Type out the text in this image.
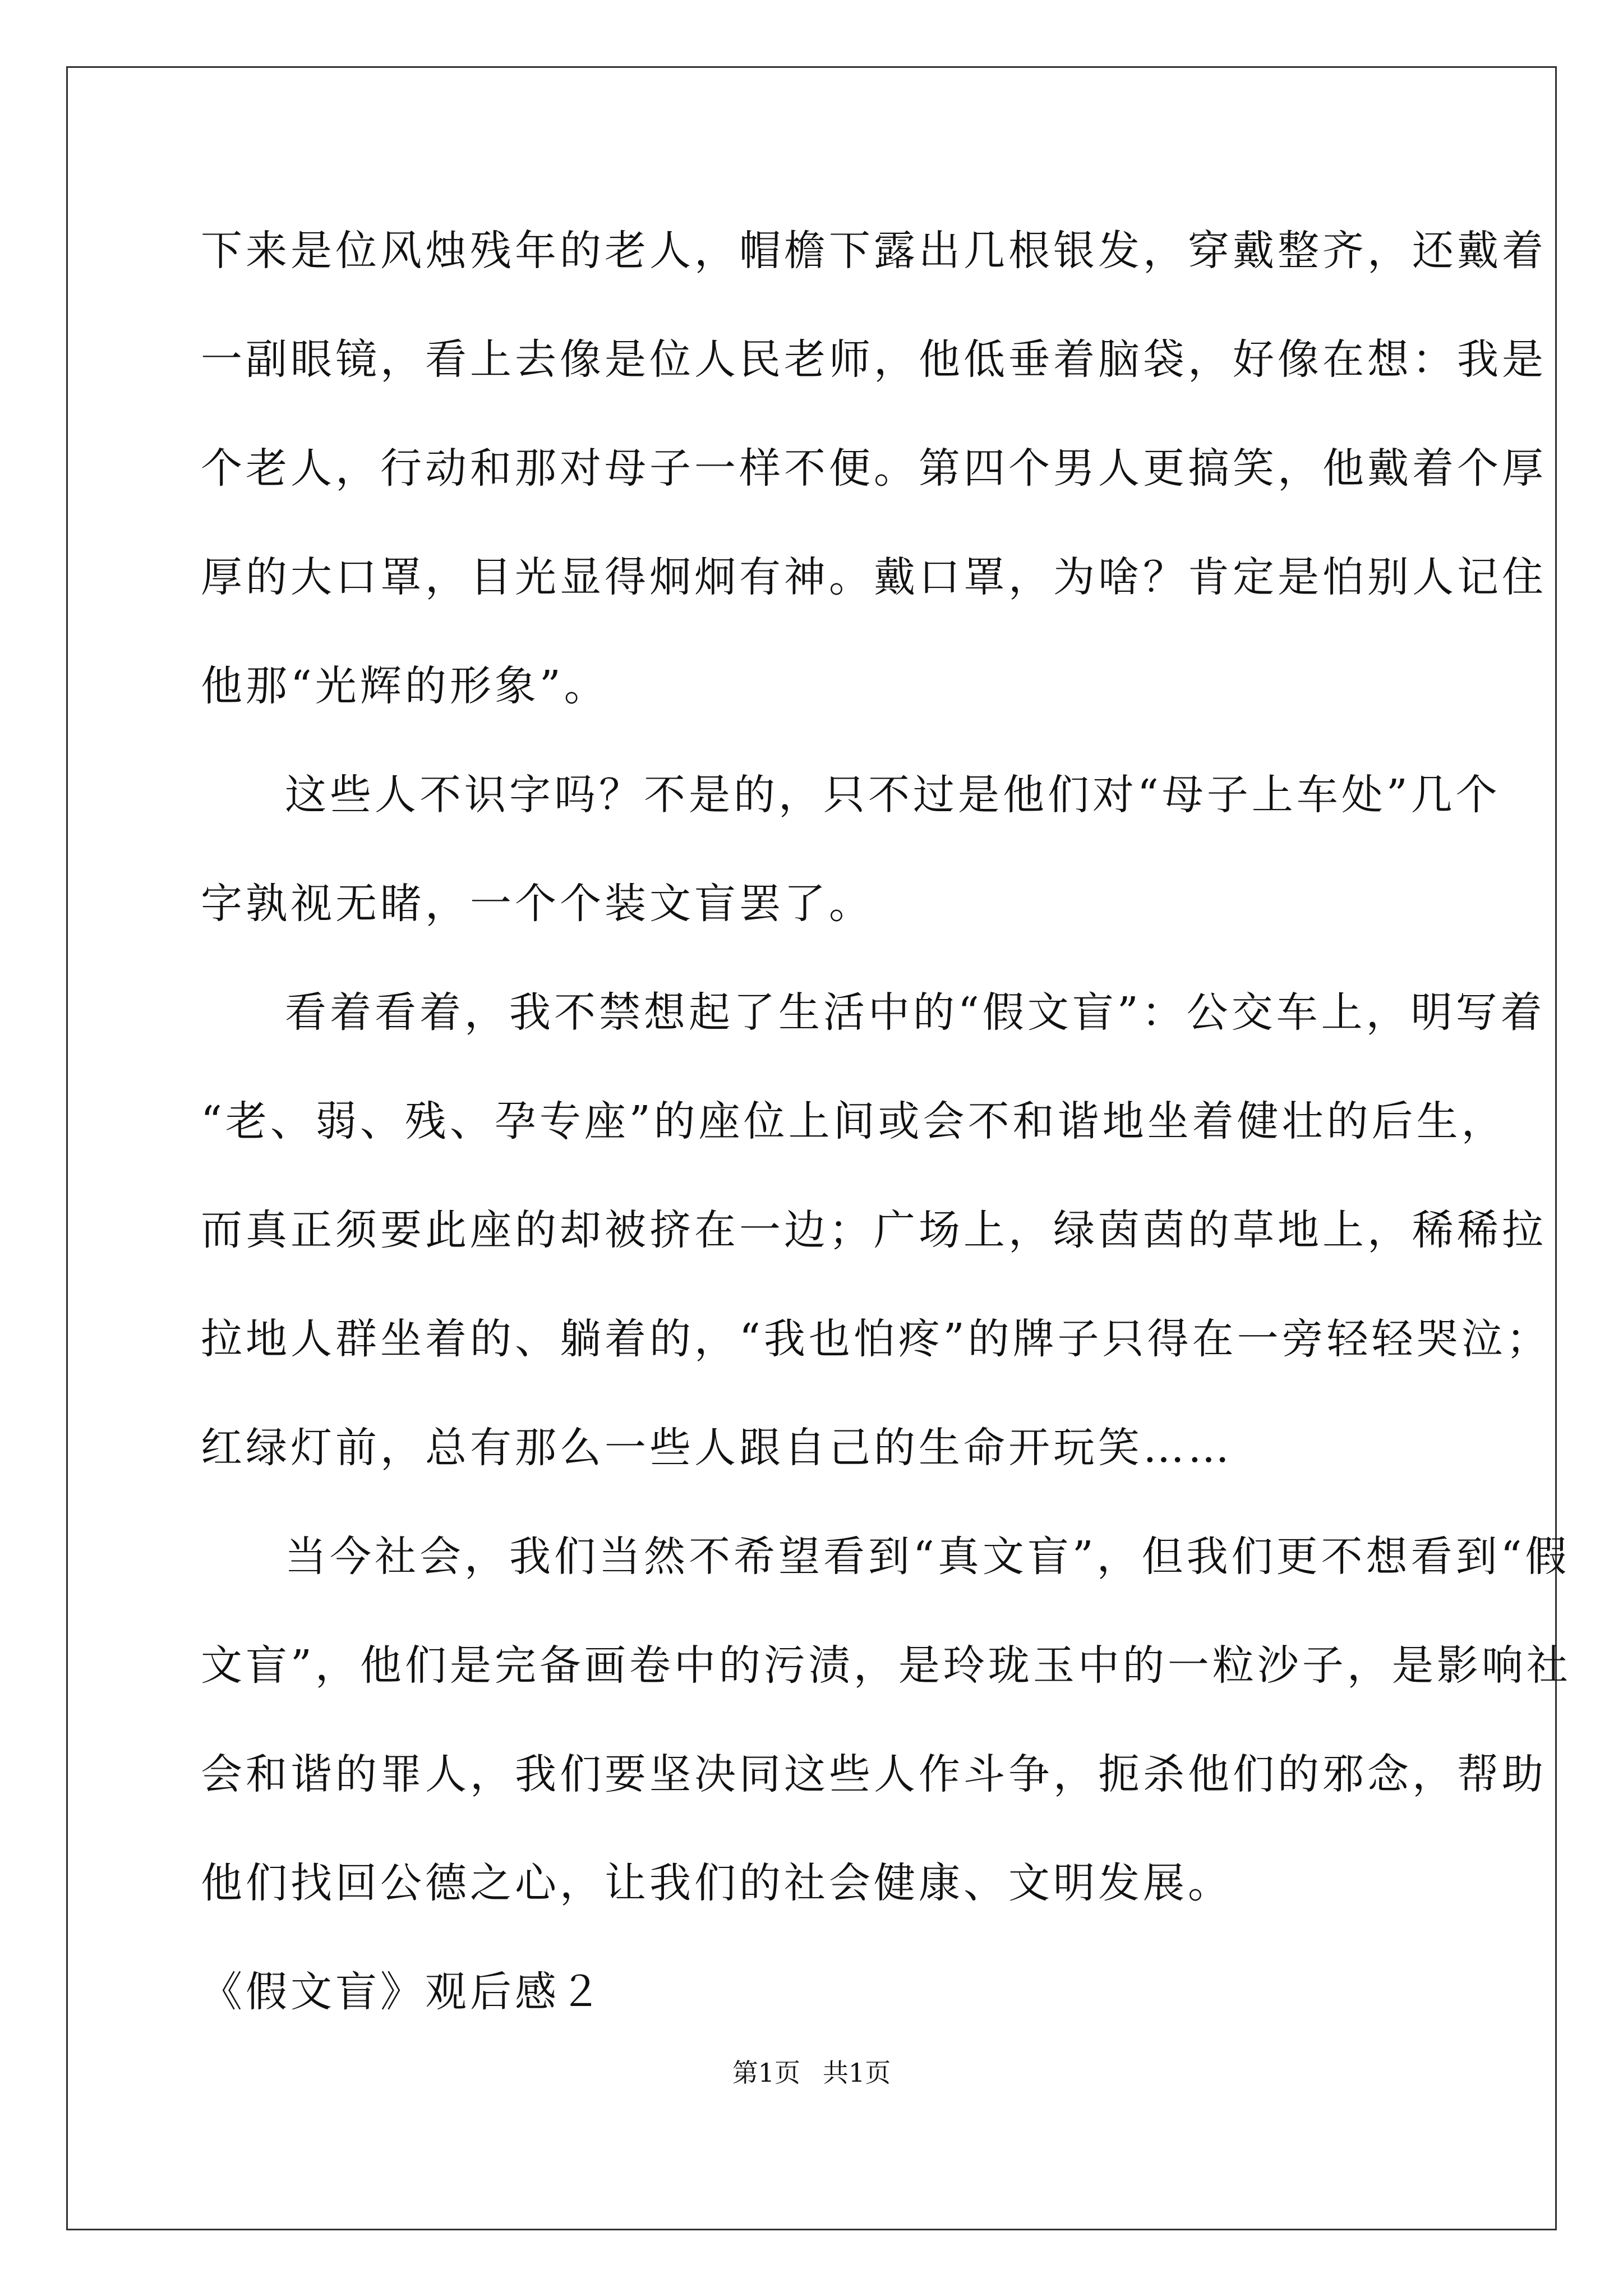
下来是位风烛残年的老人，帽檐下露出几根银发，穿戴整齐，还戴着

一副眼镜，看上去像是位人民老师，他低垂着脑袋，好像在想：我是

个老人，行动和那对母子一样不便。第四个男人更搞笑，他戴着个厚

厚的大口罩，目光显得炯炯有神。戴口罩，为啥？肯定是怕别人记住

他那“光辉的形象”。

这些人不识字吗？不是的，只不过是他们对“母子上车处”几个

字孰视无睹，一个个装文盲罢了。

看着看着，我不禁想起了生活中的“假文盲”：公交车上，明写着

“老、弱、残、孕专座”的座位上间或会不和谐地坐着健壮的后生，

而真正须要此座的却被挤在一边；广场上，绿茵茵的草地上，稀稀拉

拉地人群坐着的、躺着的，“我也怕疼”的牌子只得在一旁轻轻哭泣；

红绿灯前，总有那么一些人跟自己的生命开玩笑……

当今社会，我们当然不希望看到“真文盲”，但我们更不想看到“假

文盲”，他们是完备画卷中的污渍，是玲珑玉中的一粒沙子，是影响社

会和谐的罪人，我们要坚决同这些人作斗争，扼杀他们的邪念，帮助

他们找回公德之心，让我们的社会健康、文明发展。

《假文盲》观后感２

第1页 共1页
